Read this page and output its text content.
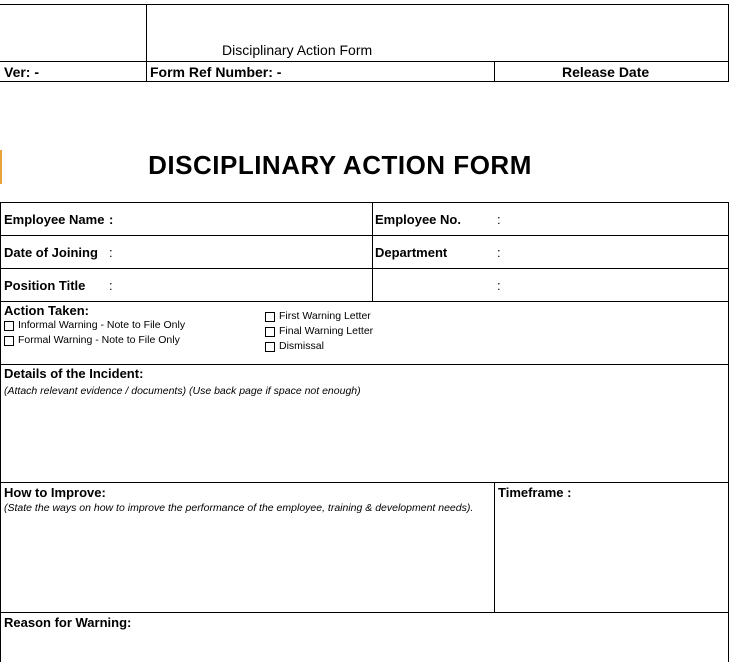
Disciplinary Action Form
Ver: -	Form Ref Number: -	Release Date
DISCIPLINARY ACTION FORM
Employee Name :	Employee No.	:
Date of Joining :	Department	:
Position Title :	:
Action Taken:
Informal Warning - Note to File Only
Formal Warning - Note to File Only
First Warning Letter
Final Warning Letter
Dismissal
Details of the Incident:
(Attach relevant evidence / documents) (Use back page if space not enough)
How to Improve:
(State the ways on how to improve the performance of the employee, training & development needs).
Timeframe :
Reason for Warning:
